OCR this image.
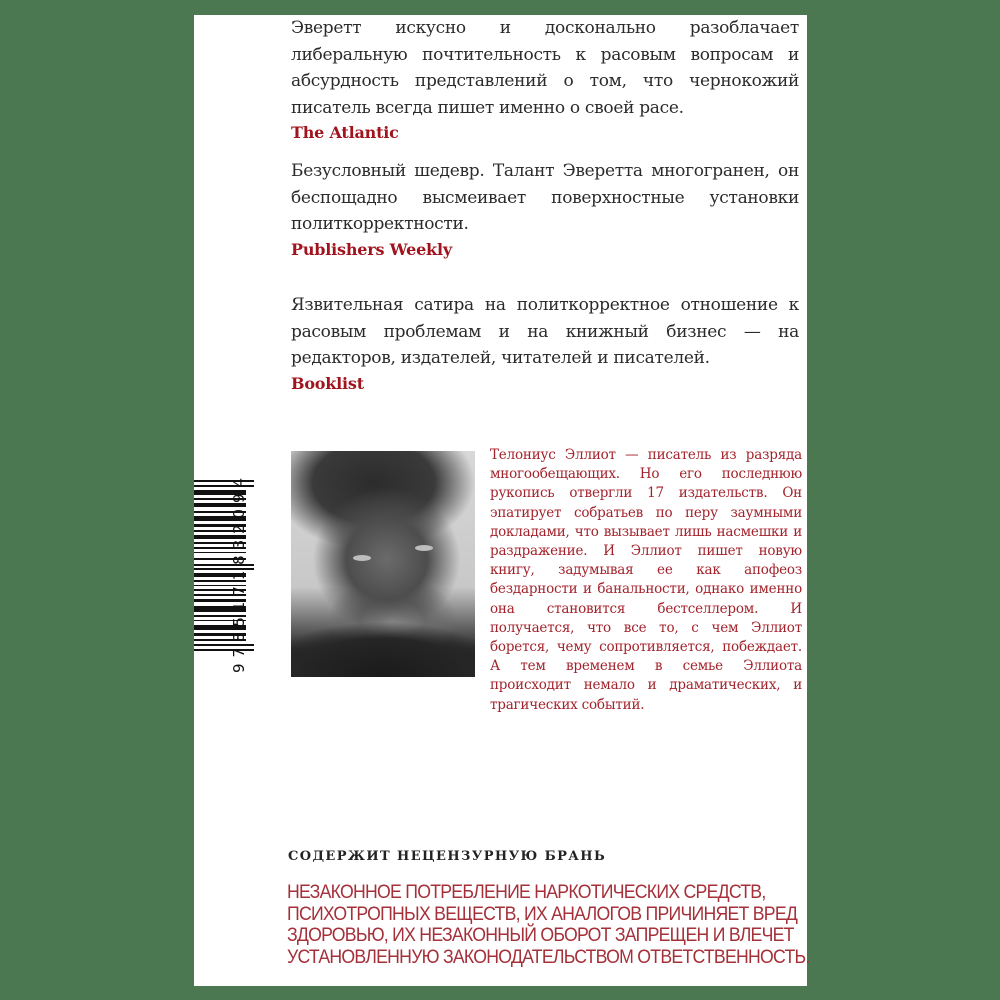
Эверетт искусно и досконально разоблачает либеральную почтительность к расовым вопросам и абсурдность представлений о том, что чернокожий писатель всегда пишет именно о своей расе.

The Atlantic

Безусловный шедевр. Талант Эверетта многогранен, он беспощадно высмеивает поверхностные установки политкорректности.

Publishers Weekly

Язвительная сатира на политкорректное отношение к расовым проблемам и на книжный бизнес — на редакторов, издателей, читателей и писателей.

Booklist
9785171832094
Телониус Эллиот — писатель из разряда многообещающих. Но его последнюю рукопись отвергли 17 издательств. Он эпатирует собратьев по перу заумными докладами, что вызывает лишь насмешки и раздражение. И Эллиот пишет новую книгу, задумывая ее как апофеоз бездарности и банальности, однако именно она становится бестселлером. И получается, что все то, с чем Эллиот борется, чему сопротивляется, побеждает. А тем временем в семье Эллиота происходит немало и драматических, и трагических событий.
СОДЕРЖИТ НЕЦЕНЗУРНУЮ БРАНЬ
НЕЗАКОННОЕ ПОТРЕБЛЕНИЕ НАРКОТИЧЕСКИХ СРЕДСТВ,
ПСИХОТРОПНЫХ ВЕЩЕСТВ, ИХ АНАЛОГОВ ПРИЧИНЯЕТ ВРЕД
ЗДОРОВЬЮ, ИХ НЕЗАКОННЫЙ ОБОРОТ ЗАПРЕЩЕН И ВЛЕЧЕТ
УСТАНОВЛЕННУЮ ЗАКОНОДАТЕЛЬСТВОМ ОТВЕТСТВЕННОСТЬ.
